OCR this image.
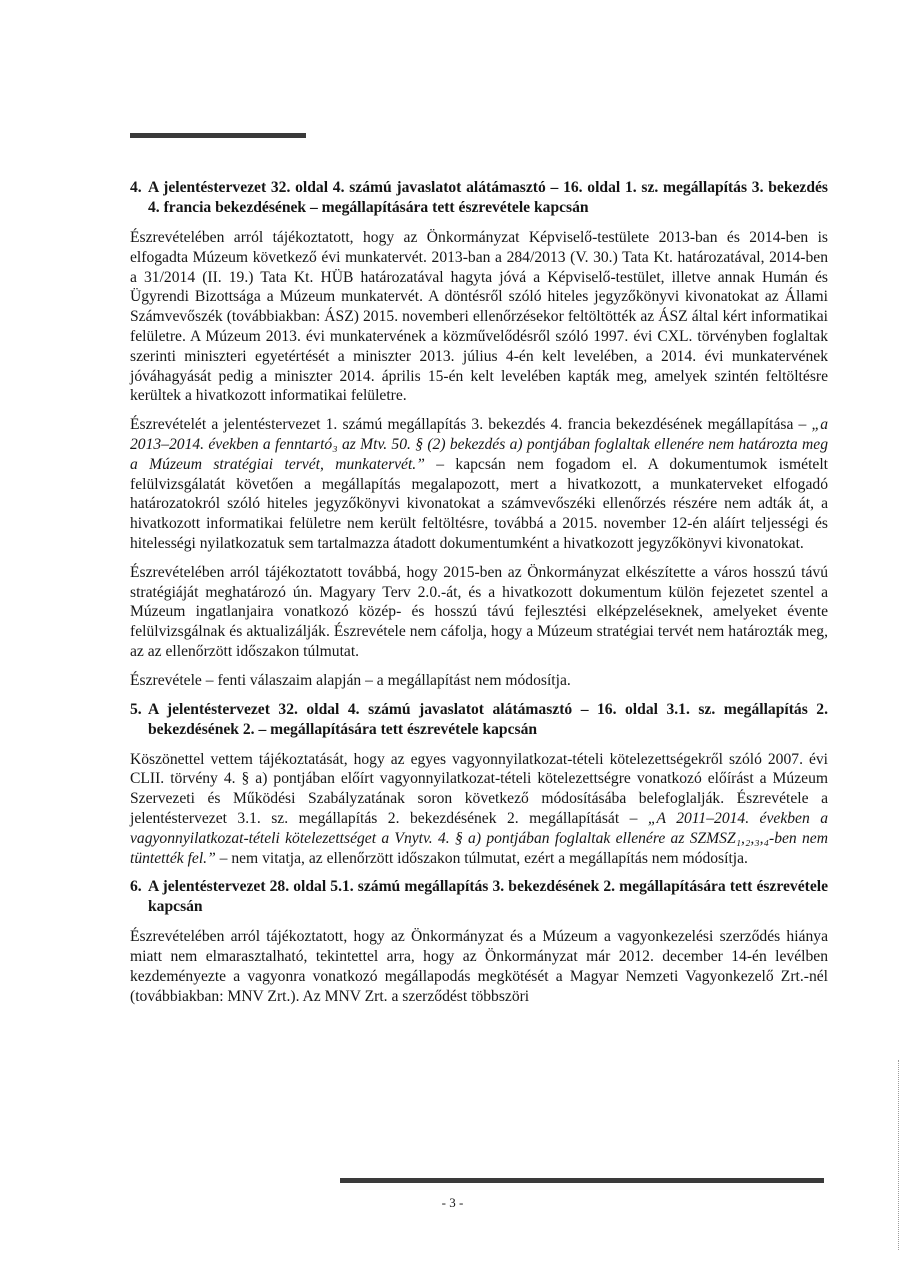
4. A jelentéstervezet 32. oldal 4. számú javaslatot alátámasztó – 16. oldal 1. sz. megállapítás 3. bekezdés 4. francia bekezdésének – megállapítására tett észrevétele kapcsán

Észrevételében arról tájékoztatott, hogy az Önkormányzat Képviselő-testülete 2013-ban és 2014-ben is elfogadta Múzeum következő évi munkatervét. 2013-ban a 284/2013 (V. 30.) Tata Kt. határozatával, 2014-ben a 31/2014 (II. 19.) Tata Kt. HÜB határozatával hagyta jóvá a Képviselő-testület, illetve annak Humán és Ügyrendi Bizottsága a Múzeum munkatervét. A döntésről szóló hiteles jegyzőkönyvi kivonatokat az Állami Számvevőszék (továbbiakban: ÁSZ) 2015. novemberi ellenőrzésekor feltöltötték az ÁSZ által kért informatikai felületre. A Múzeum 2013. évi munkatervének a közművelődésről szóló 1997. évi CXL. törvényben foglaltak szerinti miniszteri egyetértését a miniszter 2013. július 4-én kelt levelében, a 2014. évi munkatervének jóváhagyását pedig a miniszter 2014. április 15-én kelt levelében kapták meg, amelyek szintén feltöltésre kerültek a hivatkozott informatikai felületre.

Észrevételét a jelentéstervezet 1. számú megállapítás 3. bekezdés 4. francia bekezdésének megállapítása – „a 2013–2014. években a fenntartó₃ az Mtv. 50. § (2) bekezdés a) pontjában foglaltak ellenére nem határozta meg a Múzeum stratégiai tervét, munkatervét.” – kapcsán nem fogadom el. A dokumentumok ismételt felülvizsgálatát követően a megállapítás megalapozott, mert a hivatkozott, a munkaterveket elfogadó határozatokról szóló hiteles jegyzőkönyvi kivonatokat a számvevőszéki ellenőrzés részére nem adták át, a hivatkozott informatikai felületre nem került feltöltésre, továbbá a 2015. november 12-én aláírt teljességi és hitelességi nyilatkozatuk sem tartalmazza átadott dokumentumként a hivatkozott jegyzőkönyvi kivonatokat.

Észrevételében arról tájékoztatott továbbá, hogy 2015-ben az Önkormányzat elkészítette a város hosszú távú stratégiáját meghatározó ún. Magyary Terv 2.0.-át, és a hivatkozott dokumentum külön fejezetet szentel a Múzeum ingatlanjaira vonatkozó közép- és hosszú távú fejlesztési elképzeléseknek, amelyeket évente felülvizsgálnak és aktualizálják. Észrevétele nem cáfolja, hogy a Múzeum stratégiai tervét nem határozták meg, az az ellenőrzött időszakon túlmutat.

Észrevétele – fenti válaszaim alapján – a megállapítást nem módosítja.

5. A jelentéstervezet 32. oldal 4. számú javaslatot alátámasztó – 16. oldal 3.1. sz. megállapítás 2. bekezdésének 2. – megállapítására tett észrevétele kapcsán

Köszönettel vettem tájékoztatását, hogy az egyes vagyonnyilatkozat-tételi kötelezettségekről szóló 2007. évi CLII. törvény 4. § a) pontjában előírt vagyonnyilatkozat-tételi kötelezettségre vonatkozó előírást a Múzeum Szervezeti és Működési Szabályzatának soron következő módosításába belefoglalják. Észrevétele a jelentéstervezet 3.1. sz. megállapítás 2. bekezdésének 2. megállapítását – „A 2011–2014. években a vagyonnyilatkozat-tételi kötelezettséget a Vnytv. 4. § a) pontjában foglaltak ellenére az SZMSZ₁,₂,₃,₄-ben nem tüntették fel.” – nem vitatja, az ellenőrzött időszakon túlmutat, ezért a megállapítás nem módosítja.

6. A jelentéstervezet 28. oldal 5.1. számú megállapítás 3. bekezdésének 2. megállapítására tett észrevétele kapcsán

Észrevételében arról tájékoztatott, hogy az Önkormányzat és a Múzeum a vagyonkezelési szerződés hiánya miatt nem elmarasztalható, tekintettel arra, hogy az Önkormányzat már 2012. december 14-én levélben kezdeményezte a vagyonra vonatkozó megállapodás megkötését a Magyar Nemzeti Vagyonkezelő Zrt.-nél (továbbiakban: MNV Zrt.). Az MNV Zrt. a szerződést többszöri

- 3 -
